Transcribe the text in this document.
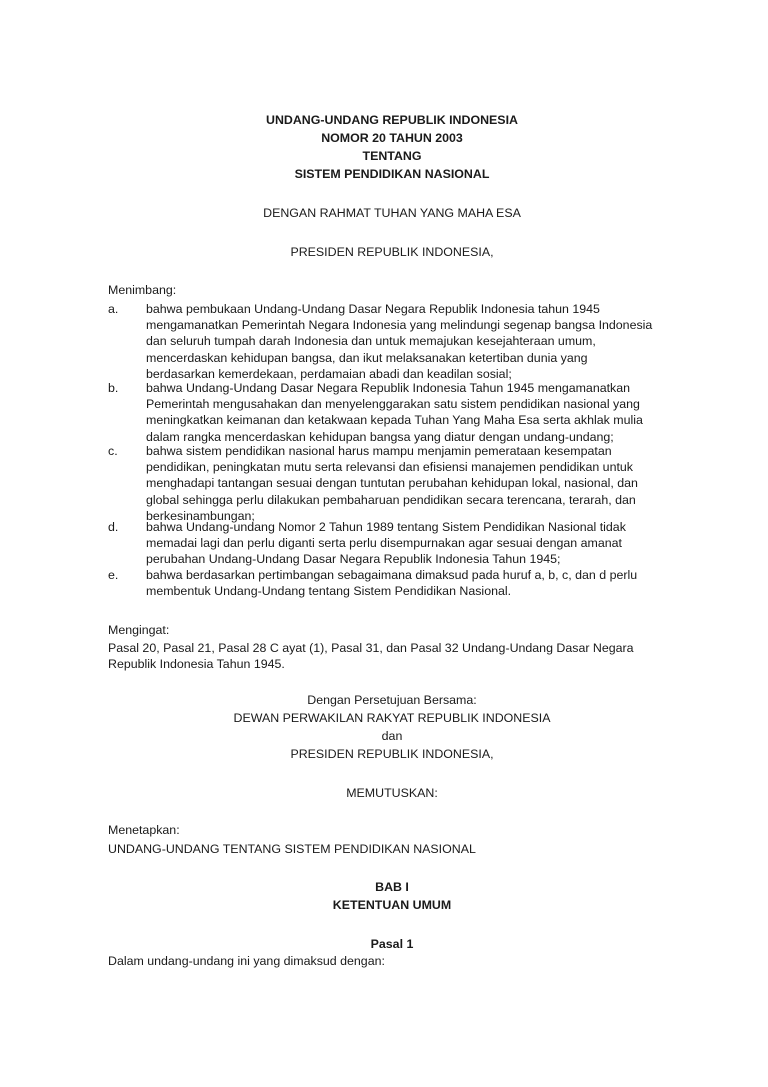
UNDANG-UNDANG REPUBLIK INDONESIA
NOMOR 20 TAHUN 2003
TENTANG
SISTEM PENDIDIKAN NASIONAL
DENGAN RAHMAT TUHAN YANG MAHA ESA
PRESIDEN REPUBLIK INDONESIA,
Menimbang:
a. bahwa pembukaan Undang-Undang Dasar Negara Republik Indonesia tahun 1945
mengamanatkan Pemerintah Negara Indonesia yang melindungi segenap bangsa Indonesia
dan seluruh tumpah darah Indonesia dan untuk memajukan kesejahteraan umum,
mencerdaskan kehidupan bangsa, dan ikut melaksanakan ketertiban dunia yang
berdasarkan kemerdekaan, perdamaian abadi dan keadilan sosial;
b. bahwa Undang-Undang Dasar Negara Republik Indonesia Tahun 1945 mengamanatkan
Pemerintah mengusahakan dan menyelenggarakan satu sistem pendidikan nasional yang
meningkatkan keimanan dan ketakwaan kepada Tuhan Yang Maha Esa serta akhlak mulia
dalam rangka mencerdaskan kehidupan bangsa yang diatur dengan undang-undang;
c. bahwa sistem pendidikan nasional harus mampu menjamin pemerataan kesempatan
pendidikan, peningkatan mutu serta relevansi dan efisiensi manajemen pendidikan untuk
menghadapi tantangan sesuai dengan tuntutan perubahan kehidupan lokal, nasional, dan
global sehingga perlu dilakukan pembaharuan pendidikan secara terencana, terarah, dan
berkesinambungan;
d. bahwa Undang-undang Nomor 2 Tahun 1989 tentang Sistem Pendidikan Nasional tidak
memadai lagi dan perlu diganti serta perlu disempurnakan agar sesuai dengan amanat
perubahan Undang-Undang Dasar Negara Republik Indonesia Tahun 1945;
e. bahwa berdasarkan pertimbangan sebagaimana dimaksud pada huruf a, b, c, dan d perlu
membentuk Undang-Undang tentang Sistem Pendidikan Nasional.
Mengingat:
Pasal 20, Pasal 21, Pasal 28 C ayat (1), Pasal 31, dan Pasal 32 Undang-Undang Dasar Negara
Republik Indonesia Tahun 1945.
Dengan Persetujuan Bersama:
DEWAN PERWAKILAN RAKYAT REPUBLIK INDONESIA
dan
PRESIDEN REPUBLIK INDONESIA,
MEMUTUSKAN:
Menetapkan:
UNDANG-UNDANG TENTANG SISTEM PENDIDIKAN NASIONAL
BAB I
KETENTUAN UMUM
Pasal 1
Dalam undang-undang ini yang dimaksud dengan:
